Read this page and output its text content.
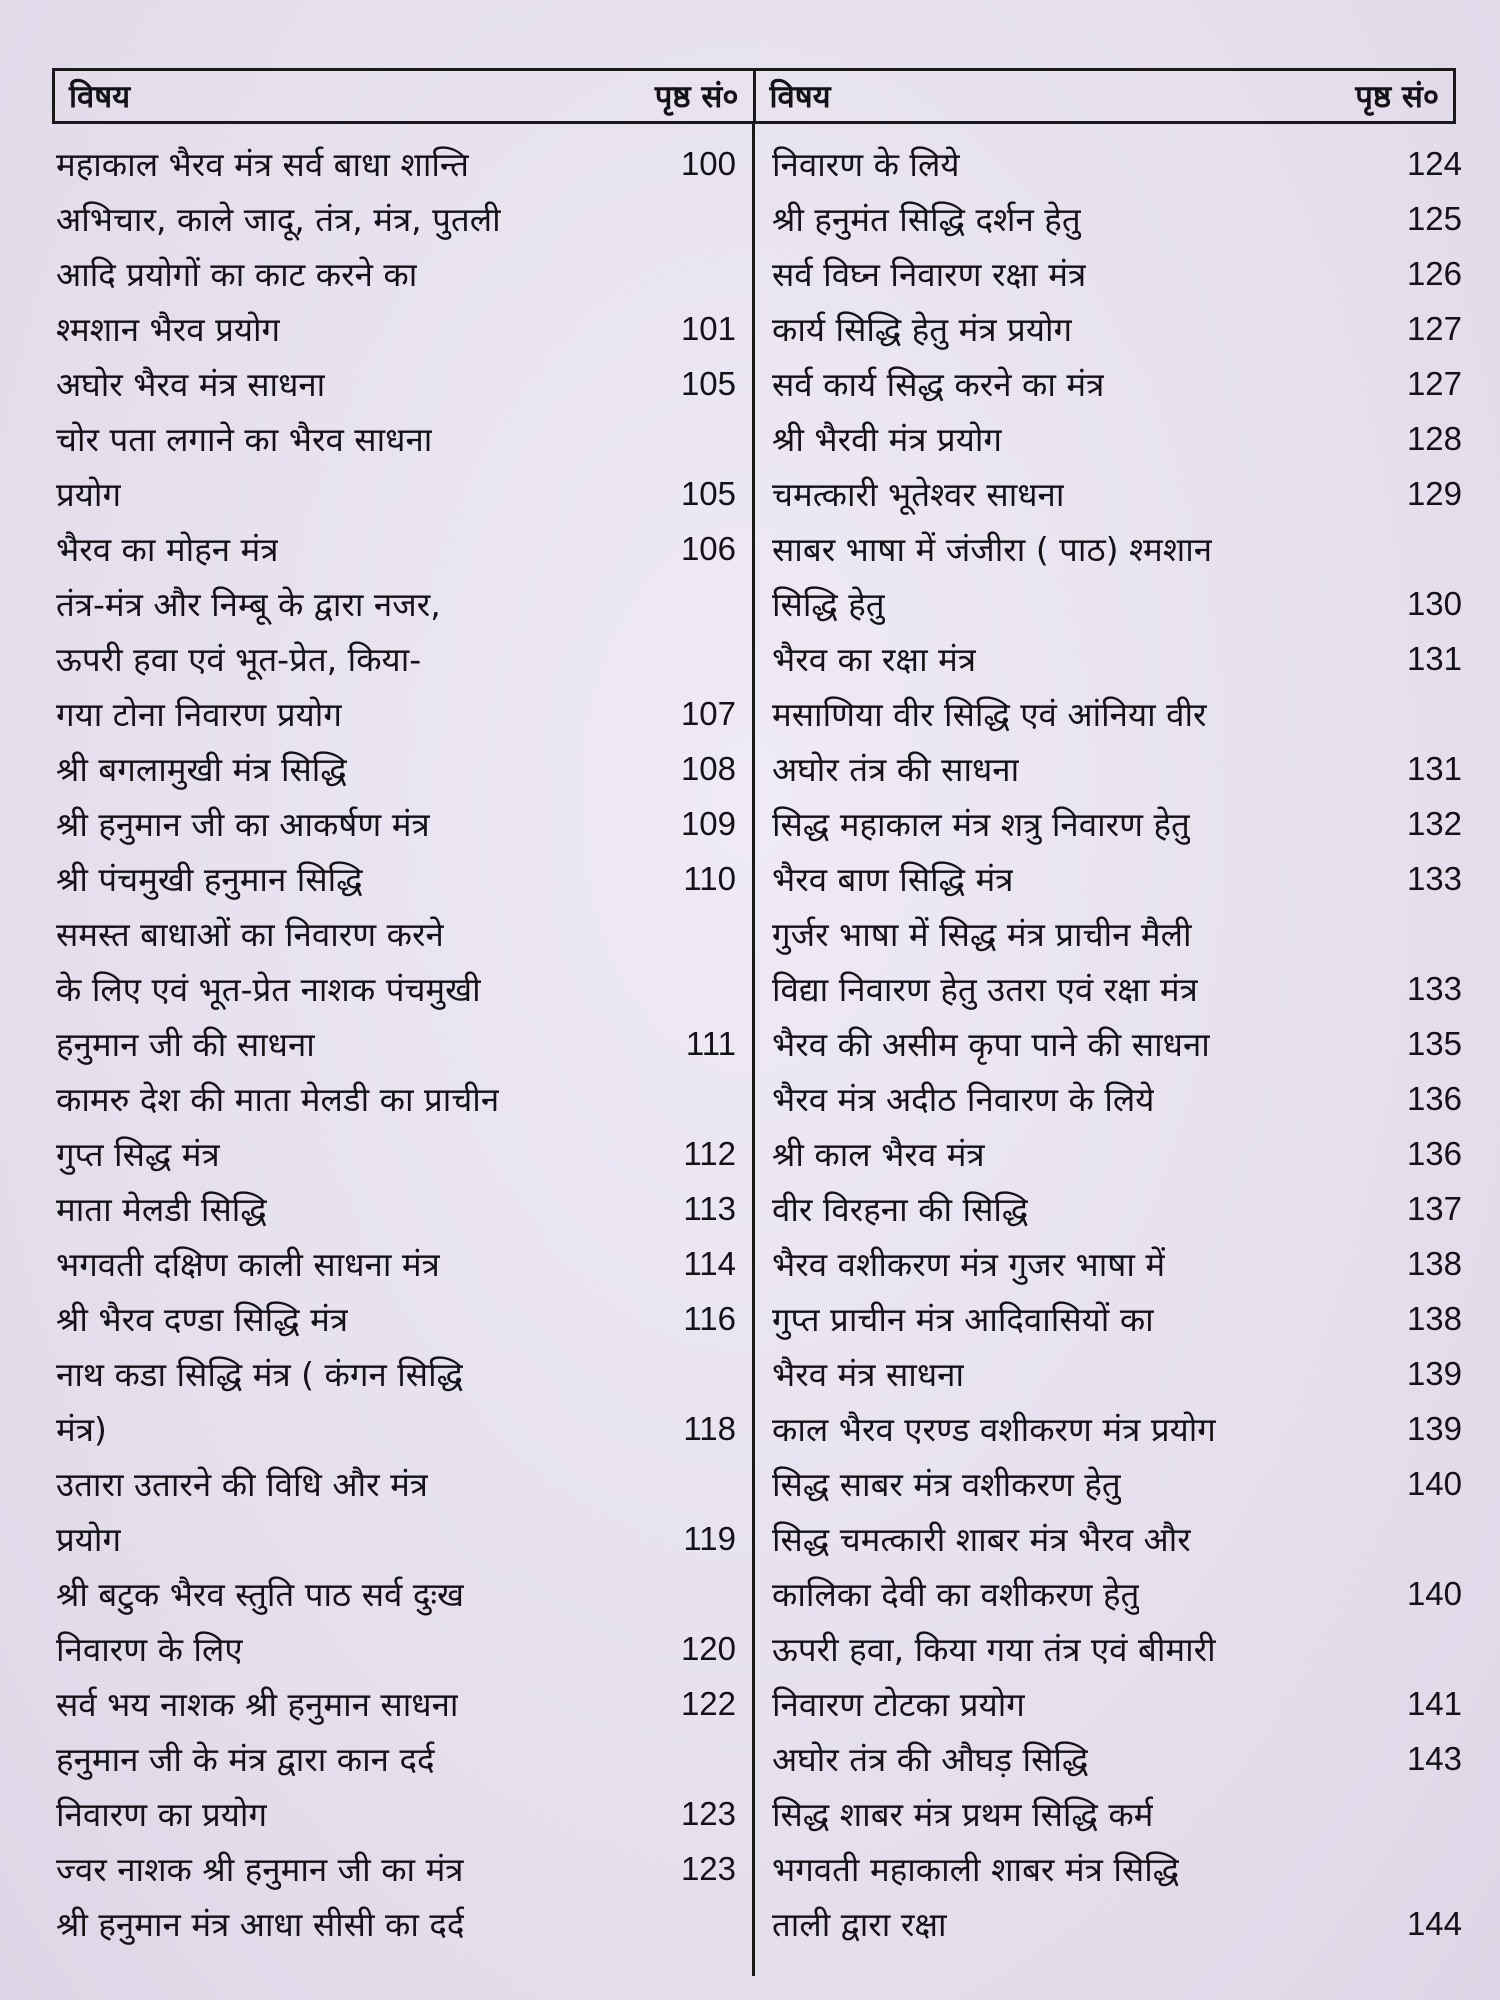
विषय	पृष्ठ सं० विषय	पृष्ठ सं०
महाकाल भैरव मंत्र सर्व बाधा शान्ति	100
अभिचार, काले जादू, तंत्र, मंत्र, पुतली
आदि प्रयोगों का काट करने का
श्मशान भैरव प्रयोग	101
अघोर भैरव मंत्र साधना	105
चोर पता लगाने का भैरव साधना
प्रयोग	105
भैरव का मोहन मंत्र	106
तंत्र-मंत्र और निम्बू के द्वारा नजर,
ऊपरी हवा एवं भूत-प्रेत, किया-
गया टोना निवारण प्रयोग	107
श्री बगलामुखी मंत्र सिद्धि	108
श्री हनुमान जी का आकर्षण मंत्र	109
श्री पंचमुखी हनुमान सिद्धि	110
समस्त बाधाओं का निवारण करने
के लिए एवं भूत-प्रेत नाशक पंचमुखी
हनुमान जी की साधना	111
कामरु देश की माता मेलडी का प्राचीन
गुप्त सिद्ध मंत्र	112
माता मेलडी सिद्धि	113
भगवती दक्षिण काली साधना मंत्र	114
श्री भैरव दण्डा सिद्धि मंत्र	116
नाथ कडा सिद्धि मंत्र ( कंगन सिद्धि
मंत्र)	118
उतारा उतारने की विधि और मंत्र
प्रयोग	119
श्री बटुक भैरव स्तुति पाठ सर्व दुःख
निवारण के लिए	120
सर्व भय नाशक श्री हनुमान साधना	122
हनुमान जी के मंत्र द्वारा कान दर्द
निवारण का प्रयोग	123
ज्वर नाशक श्री हनुमान जी का मंत्र	123
श्री हनुमान मंत्र आधा सीसी का दर्द
निवारण के लिये	124
श्री हनुमंत सिद्धि दर्शन हेतु	125
सर्व विघ्न निवारण रक्षा मंत्र	126
कार्य सिद्धि हेतु मंत्र प्रयोग	127
सर्व कार्य सिद्ध करने का मंत्र	127
श्री भैरवी मंत्र प्रयोग	128
चमत्कारी भूतेश्वर साधना	129
साबर भाषा में जंजीरा ( पाठ) श्मशान
सिद्धि हेतु	130
भैरव का रक्षा मंत्र	131
मसाणिया वीर सिद्धि एवं आंनिया वीर
अघोर तंत्र की साधना	131
सिद्ध महाकाल मंत्र शत्रु निवारण हेतु	132
भैरव बाण सिद्धि मंत्र	133
गुर्जर भाषा में सिद्ध मंत्र प्राचीन मैली
विद्या निवारण हेतु उतरा एवं रक्षा मंत्र	133
भैरव की असीम कृपा पाने की साधना	135
भैरव मंत्र अदीठ निवारण के लिये	136
श्री काल भैरव मंत्र	136
वीर विरहना की सिद्धि	137
भैरव वशीकरण मंत्र गुजर भाषा में	138
गुप्त प्राचीन मंत्र आदिवासियों का	138
भैरव मंत्र साधना	139
काल भैरव एरण्ड वशीकरण मंत्र प्रयोग	139
सिद्ध साबर मंत्र वशीकरण हेतु	140
सिद्ध चमत्कारी शाबर मंत्र भैरव और
कालिका देवी का वशीकरण हेतु	140
ऊपरी हवा, किया गया तंत्र एवं बीमारी
निवारण टोटका प्रयोग	141
अघोर तंत्र की औघड़ सिद्धि	143
सिद्ध शाबर मंत्र प्रथम सिद्धि कर्म
भगवती महाकाली शाबर मंत्र सिद्धि
ताली द्वारा रक्षा	144
